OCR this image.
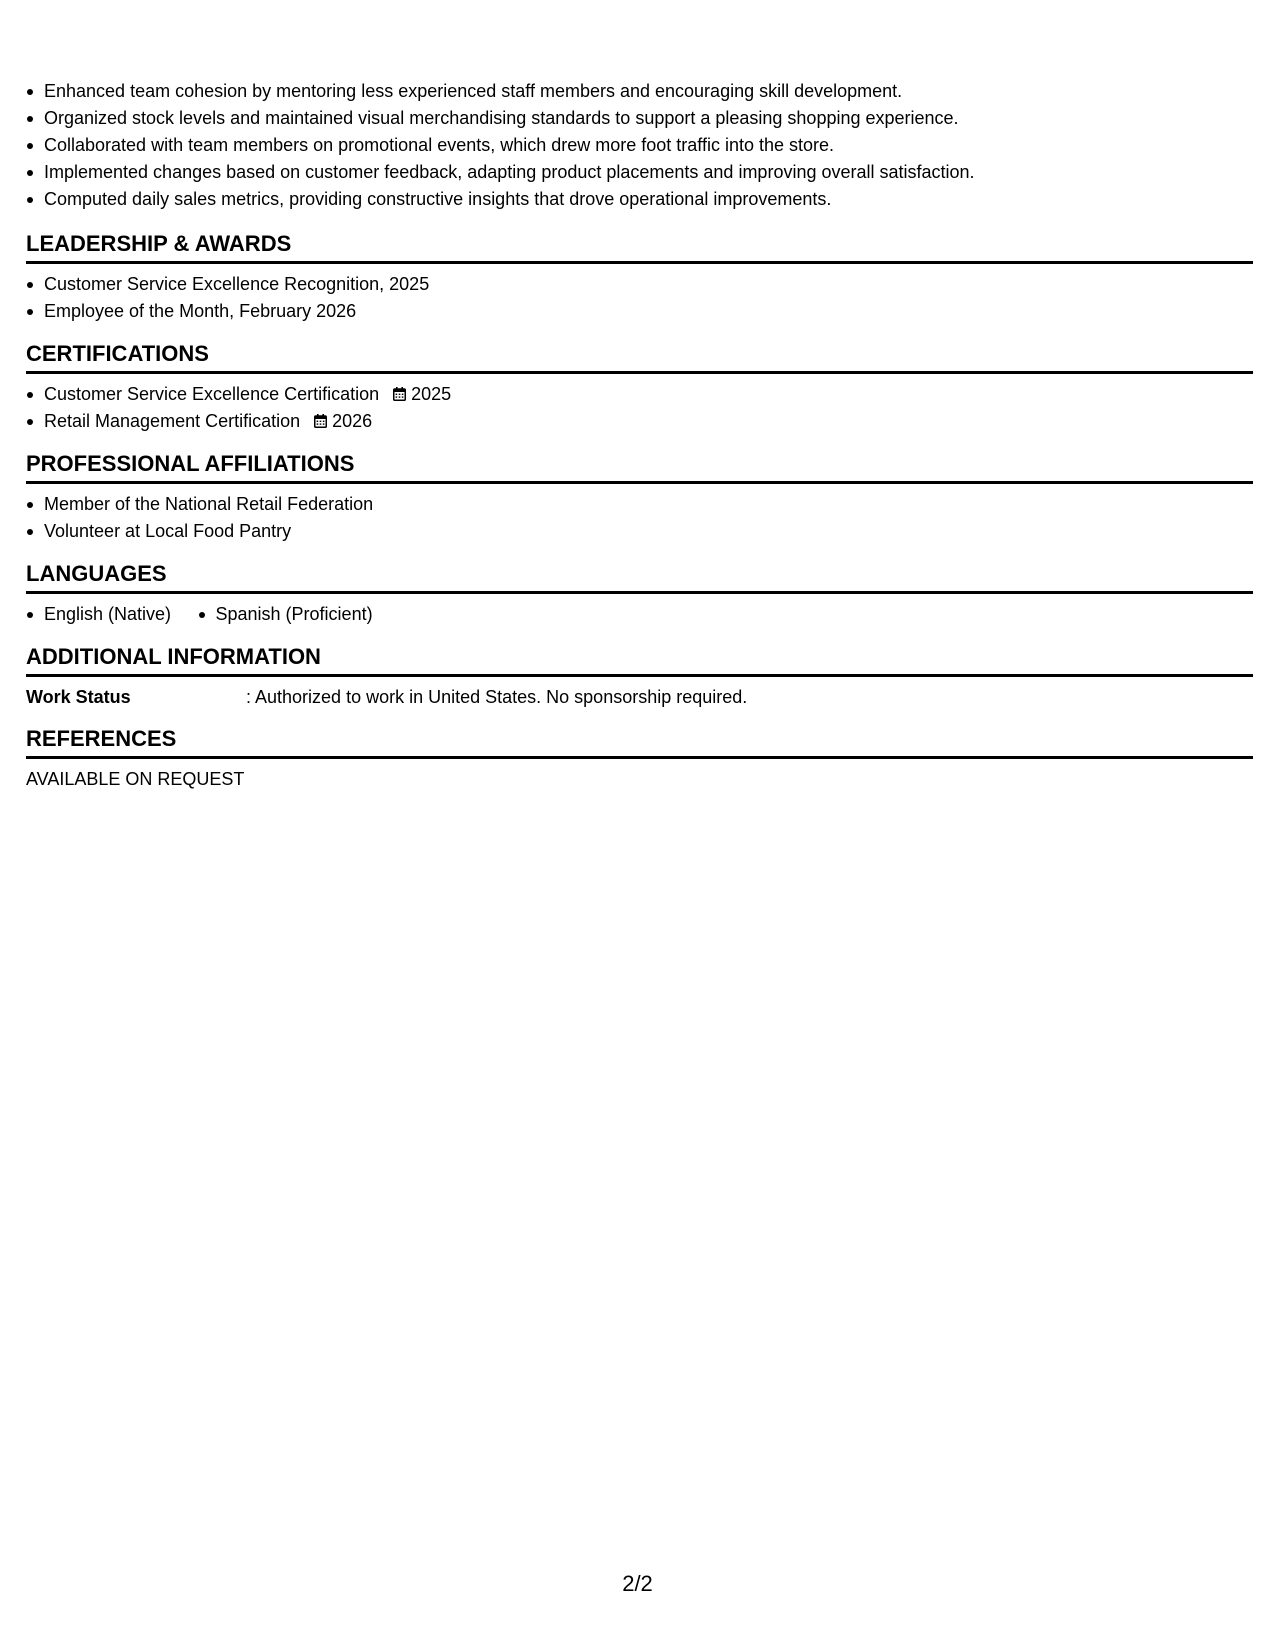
Enhanced team cohesion by mentoring less experienced staff members and encouraging skill development.
Organized stock levels and maintained visual merchandising standards to support a pleasing shopping experience.
Collaborated with team members on promotional events, which drew more foot traffic into the store.
Implemented changes based on customer feedback, adapting product placements and improving overall satisfaction.
Computed daily sales metrics, providing constructive insights that drove operational improvements.
LEADERSHIP & AWARDS
Customer Service Excellence Recognition, 2025
Employee of the Month, February 2026
CERTIFICATIONS
Customer Service Excellence Certification 2025
Retail Management Certification 2026
PROFESSIONAL AFFILIATIONS
Member of the National Retail Federation
Volunteer at Local Food Pantry
LANGUAGES
English (Native) Spanish (Proficient)
ADDITIONAL INFORMATION
Work Status	: Authorized to work in United States. No sponsorship required.
REFERENCES
AVAILABLE ON REQUEST
2/2
